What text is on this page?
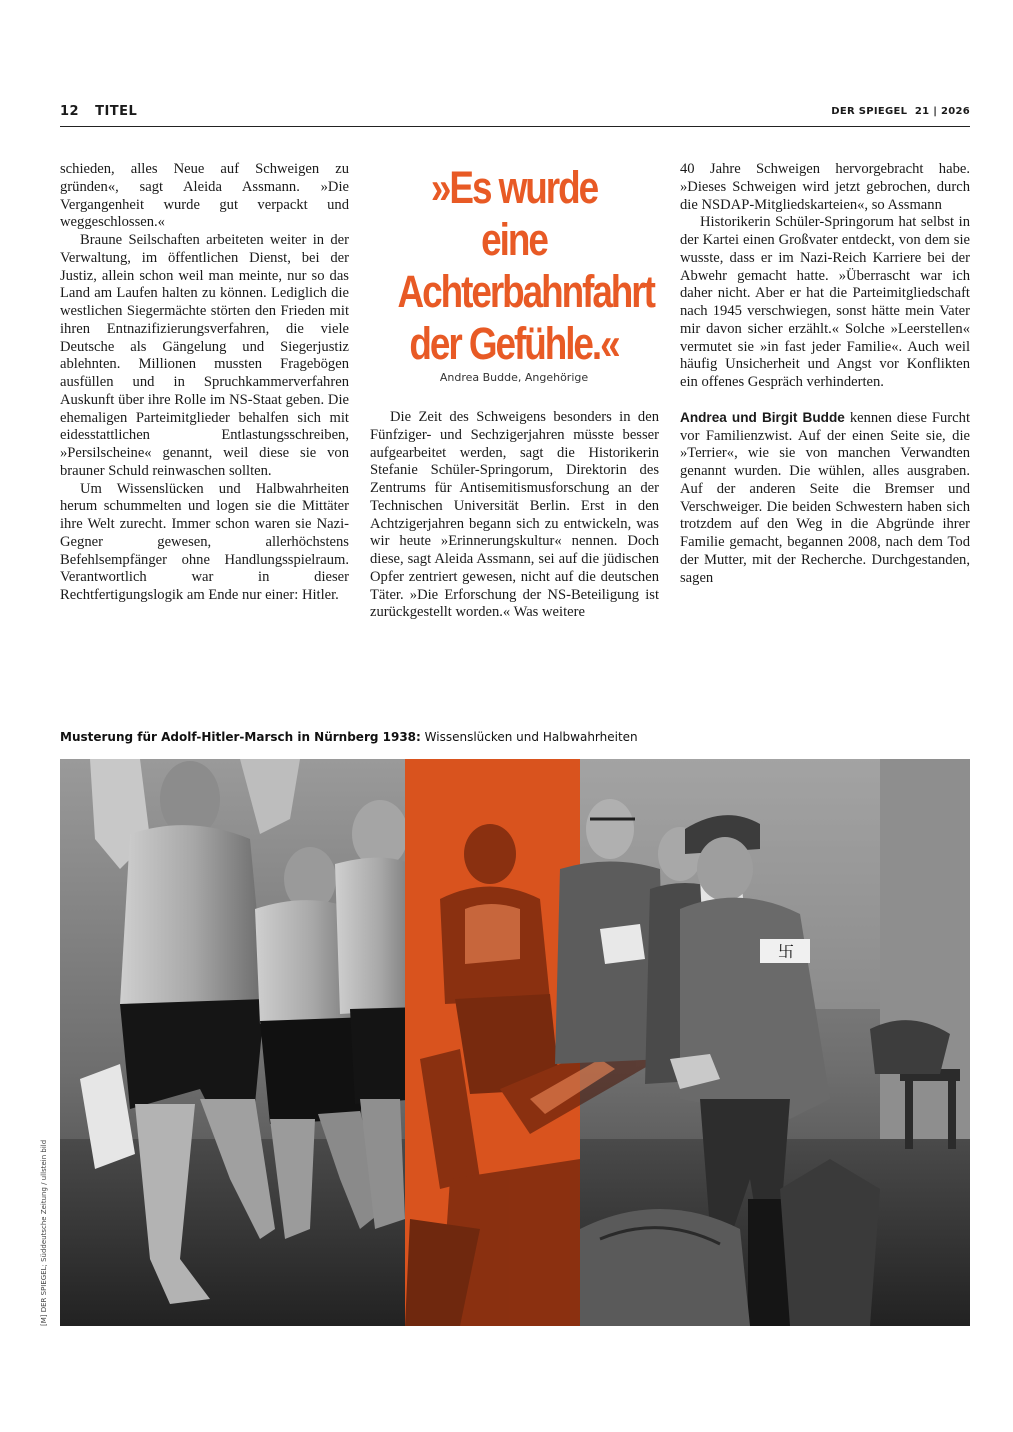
12 TITEL	DER SPIEGEL 21 | 2026

schieden, alles Neue auf Schweigen zu gründen«, sagt Aleida Assmann. »Die Vergangenheit wurde gut verpackt und weggeschlossen.«

Braune Seilschaften arbeiteten weiter in der Verwaltung, im öffentlichen Dienst, bei der Justiz, allein schon weil man meinte, nur so das Land am Laufen halten zu können. Lediglich die westlichen Siegermächte störten den Frieden mit ihren Entnazifizierungsverfahren, die viele Deutsche als Gängelung und Siegerjustiz ablehnten. Millionen mussten Fragebögen ausfüllen und in Spruchkammerverfahren Auskunft über ihre Rolle im NS-Staat geben. Die ehemaligen Parteimitglieder behalfen sich mit eidesstattlichen Entlastungsschreiben, »Persilscheine« genannt, weil diese sie von brauner Schuld reinwaschen sollten.

Um Wissenslücken und Halbwahrheiten herum schummelten und logen sie die Mittäter ihre Welt zurecht. Immer schon waren sie Nazi-Gegner gewesen, allerhöchstens Befehlsempfänger ohne Handlungsspielraum. Verantwortlich war in dieser Rechtfertigungslogik am Ende nur einer: Hitler.

»Es wurde eine Achterbahnfahrt der Gefühle.«

Andrea Budde, Angehörige

Die Zeit des Schweigens besonders in den Fünfziger- und Sechzigerjahren müsste besser aufgearbeitet werden, sagt die Historikerin Stefanie Schüler-Springorum, Direktorin des Zentrums für Antisemitismusforschung an der Technischen Universität Berlin. Erst in den Achtzigerjahren begann sich zu entwickeln, was wir heute »Erinnerungskultur« nennen. Doch diese, sagt Aleida Assmann, sei auf die jüdischen Opfer zentriert gewesen, nicht auf die deutschen Täter. »Die Erforschung der NS-Beteiligung ist zurückgestellt worden.« Was weitere

40 Jahre Schweigen hervorgebracht habe. »Dieses Schweigen wird jetzt gebrochen, durch die NSDAP-Mitgliedskarteien«, so Assmann

Historikerin Schüler-Springorum hat selbst in der Kartei einen Großvater entdeckt, von dem sie wusste, dass er im Nazi-Reich Karriere bei der Abwehr gemacht hatte. »Überrascht war ich daher nicht. Aber er hat die Parteimitgliedschaft nach 1945 verschwiegen, sonst hätte mein Vater mir davon sicher erzählt.« Solche »Leerstellen« vermutet sie »in fast jeder Familie«. Auch weil häufig Unsicherheit und Angst vor Konflikten ein offenes Gespräch verhinderten.

Andrea und Birgit Budde kennen diese Furcht vor Familienzwist. Auf der einen Seite sie, die »Terrier«, wie sie von manchen Verwandten genannt wurden. Die wühlen, alles ausgraben. Auf der anderen Seite die Bremser und Verschweiger. Die beiden Schwestern haben sich trotzdem auf den Weg in die Abgründe ihrer Familie gemacht, begannen 2008, nach dem Tod der Mutter, mit der Recherche. Durchgestanden, sagen

Musterung für Adolf-Hitler-Marsch in Nürnberg 1938: Wissenslücken und Halbwahrheiten
[M] DER SPIEGEL; Süddeutsche Zeitung / ullstein bild
卐
